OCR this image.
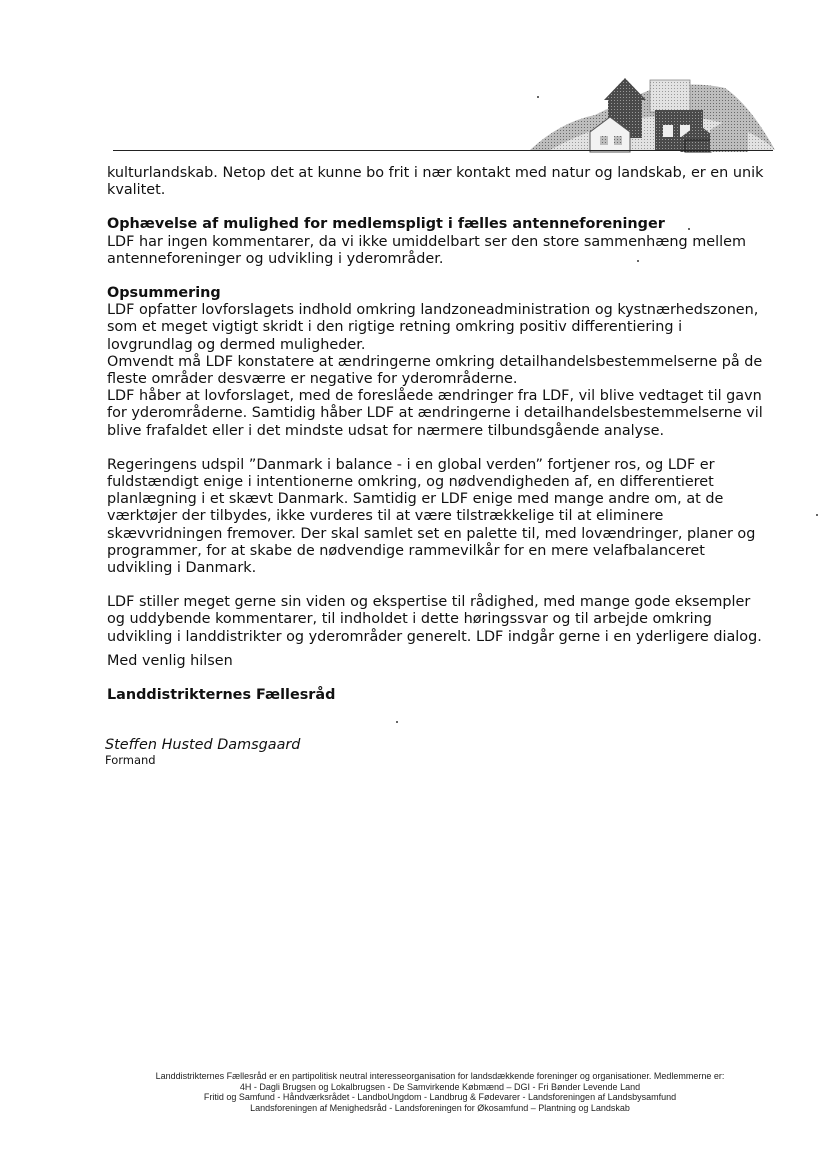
kulturlandskab. Netop det at kunne bo frit i nær kontakt med natur og landskab, er en unik kvalitet.

Ophævelse af mulighed for medlemspligt i fælles antenneforeninger

LDF har ingen kommentarer, da vi ikke umiddelbart ser den store sammenhæng mellem antenneforeninger og udvikling i yderområder.

Opsummering

LDF opfatter lovforslagets indhold omkring landzoneadministration og kystnærhedszonen, som et meget vigtigt skridt i den rigtige retning omkring positiv differentiering i lovgrundlag og dermed muligheder.

Omvendt må LDF konstatere at ændringerne omkring detailhandelsbestemmelserne på de fleste områder desværre er negative for yderområderne.

LDF håber at lovforslaget, med de foreslåede ændringer fra LDF, vil blive vedtaget til gavn for yderområderne. Samtidig håber LDF at ændringerne i detailhandelsbestemmelserne vil blive frafaldet eller i det mindste udsat for nærmere tilbundsgående analyse.

Regeringens udspil ”Danmark i balance - i en global verden” fortjener ros, og LDF er fuldstændigt enige i intentionerne omkring, og nødvendigheden af, en differentieret planlægning i et skævt Danmark. Samtidig er LDF enige med mange andre om, at de værktøjer der tilbydes, ikke vurderes til at være tilstrækkelige til at eliminere skævvridningen fremover. Der skal samlet set en palette til, med lovændringer, planer og programmer, for at skabe de nødvendige rammevilkår for en mere velafbalanceret udvikling i Danmark.

LDF stiller meget gerne sin viden og ekspertise til rådighed, med mange gode eksempler og uddybende kommentarer, til indholdet i dette høringssvar og til arbejde omkring udvikling i landdistrikter og yderområder generelt. LDF indgår gerne i en yderligere dialog.

Med venlig hilsen
Landdistrikternes Fællesråd
Steffen Husted Damsgaard
Formand
Landdistrikternes Fællesråd er en partipolitisk neutral interesseorganisation for landsdækkende foreninger og organisationer. Medlemmerne er:
4H - Dagli Brugsen og Lokalbrugsen - De Samvirkende Købmænd – DGI - Fri Bønder Levende Land
Fritid og Samfund - Håndværksrådet - LandboUngdom - Landbrug & Fødevarer - Landsforeningen af Landsbysamfund
Landsforeningen af Menighedsråd - Landsforeningen for Økosamfund – Plantning og Landskab
